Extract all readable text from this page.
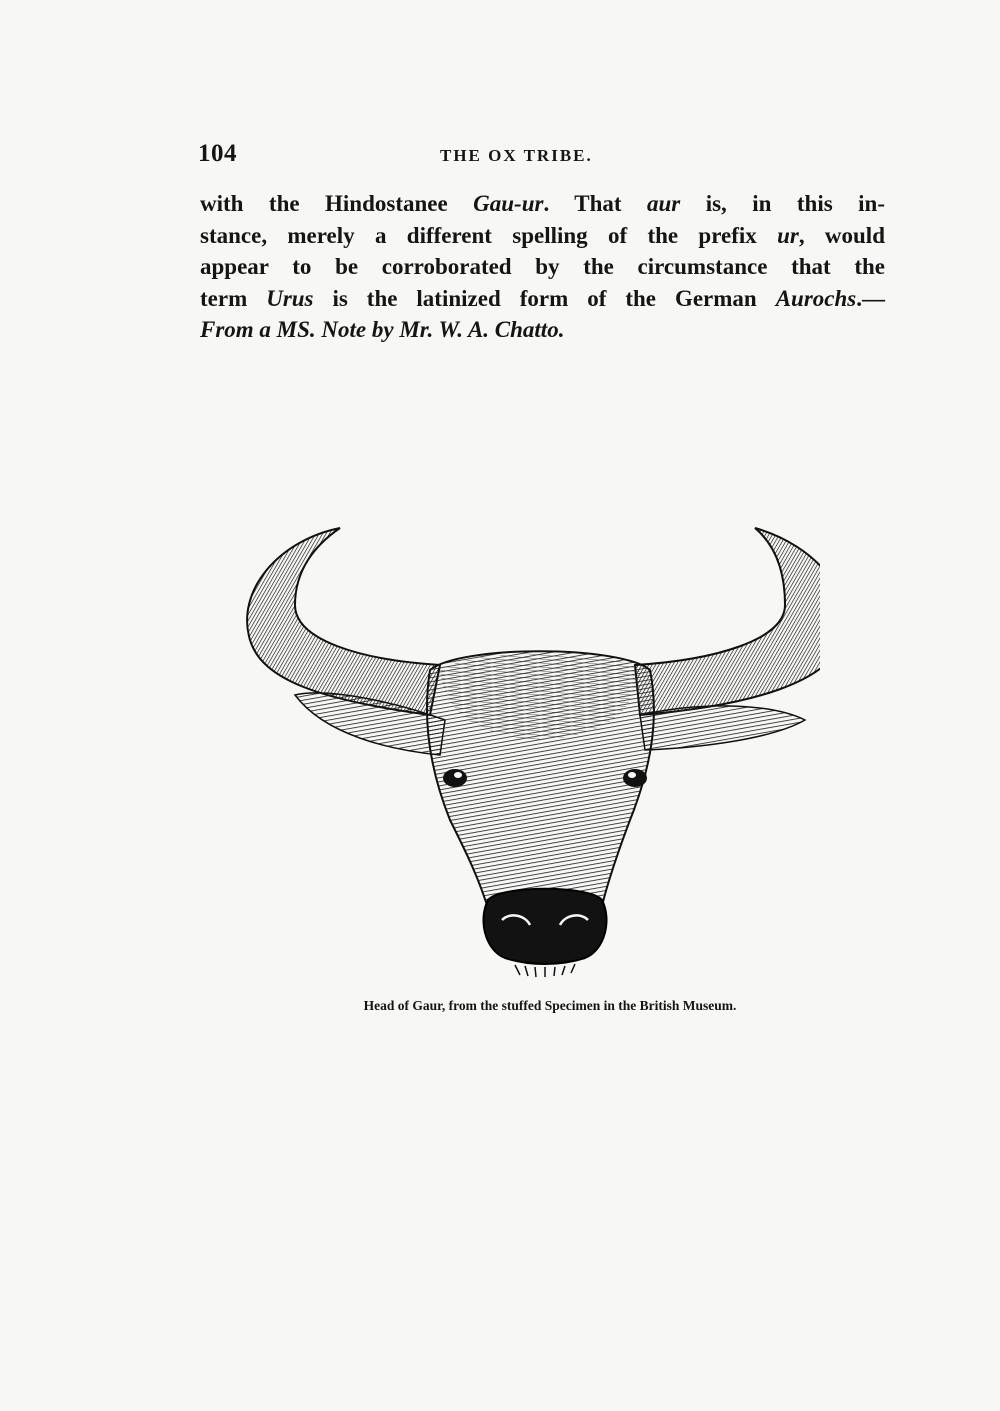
104	THE OX TRIBE.
with the Hindostanee Gau-ur. That aur is, in this in-
stance, merely a different spelling of the prefix ur, would
appear to be corroborated by the circumstance that the
term Urus is the latinized form of the German Aurochs.—
From a MS. Note by Mr. W. A. Chatto.
Head of Gaur, from the stuffed Specimen in the British Museum.
